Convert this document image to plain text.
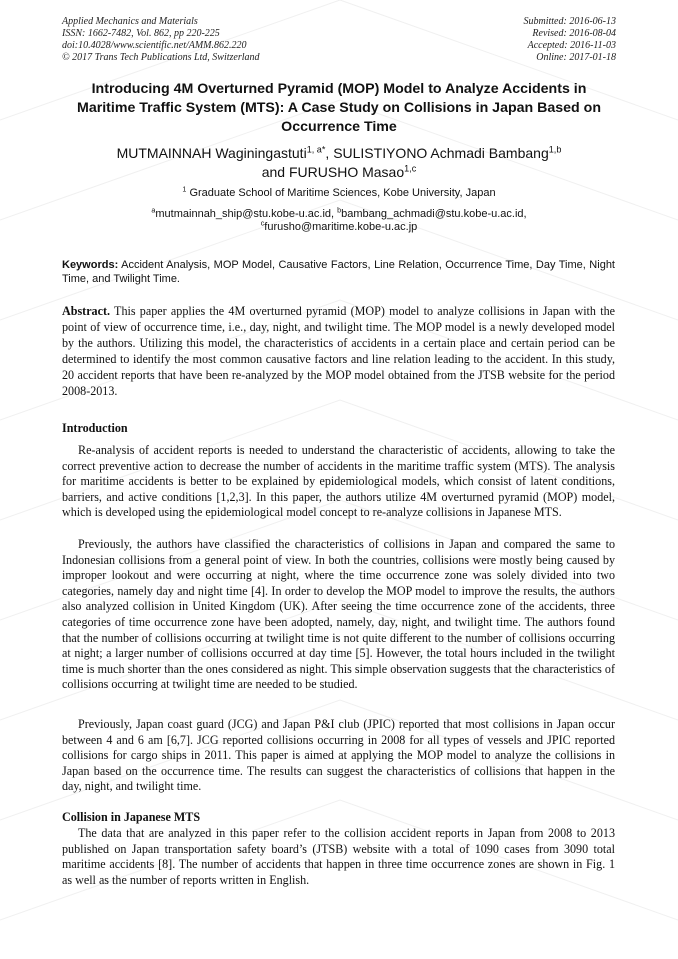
Applied Mechanics and Materials
ISSN: 1662-7482, Vol. 862, pp 220-225
doi:10.4028/www.scientific.net/AMM.862.220
© 2017 Trans Tech Publications Ltd, Switzerland
Submitted: 2016-06-13
Revised: 2016-08-04
Accepted: 2016-11-03
Online: 2017-01-18
Introducing 4M Overturned Pyramid (MOP) Model to Analyze Accidents in Maritime Traffic System (MTS): A Case Study on Collisions in Japan Based on Occurrence Time
MUTMAINNAH Waginingastuti$^{1, a*}$, SULISTIYONO Achmadi Bambang$^{1,b}$
and FURUSHO Masao$^{1,c}$
$^1$ Graduate School of Maritime Sciences, Kobe University, Japan
$^a$mutmainnah_ship@stu.kobe-u.ac.id, $^b$bambang_achmadi@stu.kobe-u.ac.id,
$^c$furusho@maritime.kobe-u.ac.jp
Keywords: Accident Analysis, MOP Model, Causative Factors, Line Relation, Occurrence Time, Day Time, Night Time, and Twilight Time.
Abstract. This paper applies the 4M overturned pyramid (MOP) model to analyze collisions in Japan with the point of view of occurrence time, i.e., day, night, and twilight time. The MOP model is a newly developed model by the authors. Utilizing this model, the characteristics of accidents in a certain place and certain period can be determined to identify the most common causative factors and line relation leading to the accident. In this study, 20 accident reports that have been re-analyzed by the MOP model obtained from the JTSB website for the period 2008-2013.
Introduction
Re-analysis of accident reports is needed to understand the characteristic of accidents, allowing to take the correct preventive action to decrease the number of accidents in the maritime traffic system (MTS). The analysis for maritime accidents is better to be explained by epidemiological models, which consist of latent conditions, barriers, and active conditions [1,2,3]. In this paper, the authors utilize 4M overturned pyramid (MOP) model, which is developed using the epidemiological model concept to re-analyze collisions in Japanese MTS.
Previously, the authors have classified the characteristics of collisions in Japan and compared the same to Indonesian collisions from a general point of view. In both the countries, collisions were mostly being caused by improper lookout and were occurring at night, where the time occurrence zone was solely divided into two categories, namely day and night time [4]. In order to develop the MOP model to improve the results, the authors also analyzed collision in United Kingdom (UK). After seeing the time occurrence zone of the accidents, three categories of time occurrence zone have been adopted, namely, day, night, and twilight time. The authors found that the number of collisions occurring at twilight time is not quite different to the number of collisions occurring at night; a larger number of collisions occurred at day time [5]. However, the total hours included in the twilight time is much shorter than the ones considered as night. This simple observation suggests that the characteristics of collisions occurring at twilight time are needed to be studied.
Previously, Japan coast guard (JCG) and Japan P&I club (JPIC) reported that most collisions in Japan occur between 4 and 6 am [6,7]. JCG reported collisions occurring in 2008 for all types of vessels and JPIC reported collisions for cargo ships in 2011. This paper is aimed at applying the MOP model to analyze the collisions in Japan based on the occurrence time. The results can suggest the characteristics of collisions that happen in the day, night, and twilight time.
Collision in Japanese MTS
The data that are analyzed in this paper refer to the collision accident reports in Japan from 2008 to 2013 published on Japan transportation safety board’s (JTSB) website with a total of 1090 cases from 3090 total maritime accidents [8]. The number of accidents that happen in three time occurrence zones are shown in Fig. 1 as well as the number of reports written in English.
